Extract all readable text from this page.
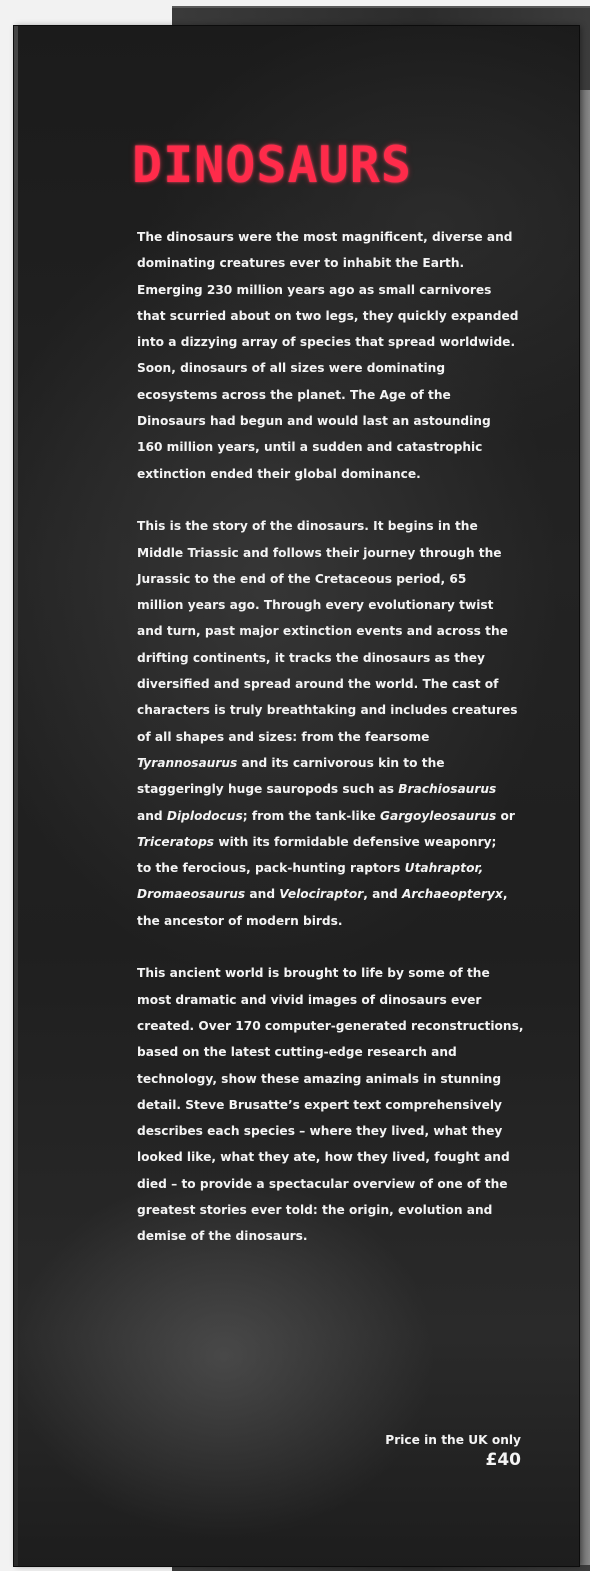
DINOSAURS
The dinosaurs were the most magnificent, diverse and
dominating creatures ever to inhabit the Earth.
Emerging 230 million years ago as small carnivores
that scurried about on two legs, they quickly expanded
into a dizzying array of species that spread worldwide.
Soon, dinosaurs of all sizes were dominating
ecosystems across the planet. The Age of the
Dinosaurs had begun and would last an astounding
160 million years, until a sudden and catastrophic
extinction ended their global dominance.
This is the story of the dinosaurs. It begins in the
Middle Triassic and follows their journey through the
Jurassic to the end of the Cretaceous period, 65
million years ago. Through every evolutionary twist
and turn, past major extinction events and across the
drifting continents, it tracks the dinosaurs as they
diversified and spread around the world. The cast of
characters is truly breathtaking and includes creatures
of all shapes and sizes: from the fearsome
Tyrannosaurus and its carnivorous kin to the
staggeringly huge sauropods such as Brachiosaurus
and Diplodocus; from the tank-like Gargoyleosaurus or
Triceratops with its formidable defensive weaponry;
to the ferocious, pack-hunting raptors Utahraptor,
Dromaeosaurus and Velociraptor, and Archaeopteryx,
the ancestor of modern birds.
This ancient world is brought to life by some of the
most dramatic and vivid images of dinosaurs ever
created. Over 170 computer-generated reconstructions,
based on the latest cutting-edge research and
technology, show these amazing animals in stunning
detail. Steve Brusatte’s expert text comprehensively
describes each species – where they lived, what they
looked like, what they ate, how they lived, fought and
died – to provide a spectacular overview of one of the
greatest stories ever told: the origin, evolution and
demise of the dinosaurs.
Price in the UK only
£40
